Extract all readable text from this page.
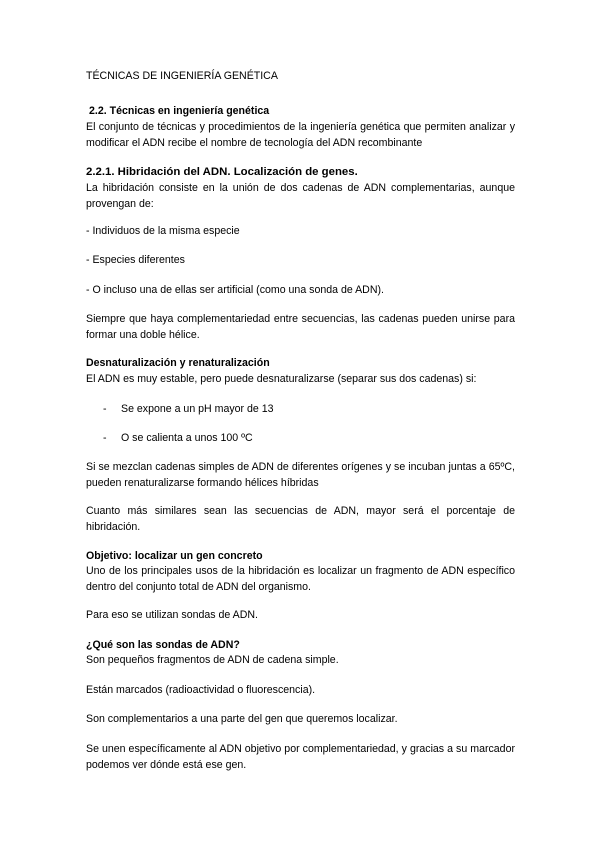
TÉCNICAS DE INGENIERÍA GENÉTICA

2.2. Técnicas en ingeniería genética

El conjunto de técnicas y procedimientos de la ingeniería genética que permiten analizar y modificar el ADN recibe el nombre de tecnología del ADN recombinante

2.2.1. Hibridación del ADN. Localización de genes.

La hibridación consiste en la unión de dos cadenas de ADN complementarias, aunque provengan de:

- Individuos de la misma especie

- Especies diferentes

- O incluso una de ellas ser artificial (como una sonda de ADN).

Siempre que haya complementariedad entre secuencias, las cadenas pueden unirse para formar una doble hélice.

Desnaturalización y renaturalización

El ADN es muy estable, pero puede desnaturalizarse (separar sus dos cadenas) si:

- Se expone a un pH mayor de 13
- O se calienta a unos 100 ºC

Si se mezclan cadenas simples de ADN de diferentes orígenes y se incuban juntas a 65ºC, pueden renaturalizarse formando hélices híbridas

Cuanto más similares sean las secuencias de ADN, mayor será el porcentaje de hibridación.

Objetivo: localizar un gen concreto

Uno de los principales usos de la hibridación es localizar un fragmento de ADN específico dentro del conjunto total de ADN del organismo.

Para eso se utilizan sondas de ADN.

¿Qué son las sondas de ADN?

Son pequeños fragmentos de ADN de cadena simple.

Están marcados (radioactividad o fluorescencia).

Son complementarios a una parte del gen que queremos localizar.

Se unen específicamente al ADN objetivo por complementariedad, y gracias a su marcador podemos ver dónde está ese gen.
